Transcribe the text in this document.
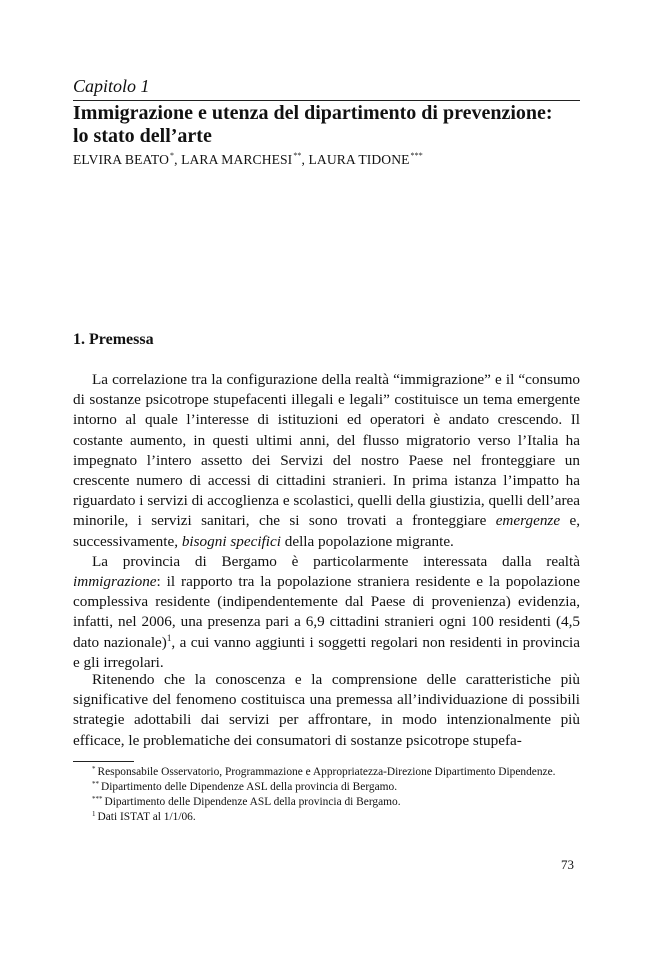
Capitolo 1
Immigrazione e utenza del dipartimento di prevenzione:
lo stato dell’arte
ELVIRA BEATO*, LARA MARCHESI**, LAURA TIDONE***
1. Premessa

La correlazione tra la configurazione della realtà “immigrazione” e il “consumo di sostanze psicotrope stupefacenti illegali e legali” costituisce un tema emergente intorno al quale l’interesse di istituzioni ed operatori è andato crescendo. Il costante aumento, in questi ultimi anni, del flusso migratorio verso l’Italia ha impegnato l’intero assetto dei Servizi del nostro Paese nel fronteggiare un crescente numero di accessi di cittadini stranieri. In prima istanza l’impatto ha riguardato i servizi di accoglienza e scolastici, quelli della giustizia, quelli dell’area minorile, i servizi sanitari, che si sono trovati a fronteggiare emergenze e, successivamente, bisogni specifici della popolazione migrante.

La provincia di Bergamo è particolarmente interessata dalla realtà immigrazione: il rapporto tra la popolazione straniera residente e la popolazione complessiva residente (indipendentemente dal Paese di provenienza) evidenzia, infatti, nel 2006, una presenza pari a 6,9 cittadini stranieri ogni 100 residenti (4,5 dato nazionale)$^1$, a cui vanno aggiunti i soggetti regolari non residenti in provincia e gli irregolari.

Ritenendo che la conoscenza e la comprensione delle caratteristiche più significative del fenomeno costituisca una premessa all’individuazione di possibili strategie adottabili dai servizi per affrontare, in modo intenzionalmente più efficace, le problematiche dei consumatori di sostanze psicotrope stupefa-

* Responsabile Osservatorio, Programmazione e Appropriatezza-Direzione Dipartimento Dipendenze.

** Dipartimento delle Dipendenze ASL della provincia di Bergamo.

*** Dipartimento delle Dipendenze ASL della provincia di Bergamo.

$^1$ Dati ISTAT al 1/1/06.

73
